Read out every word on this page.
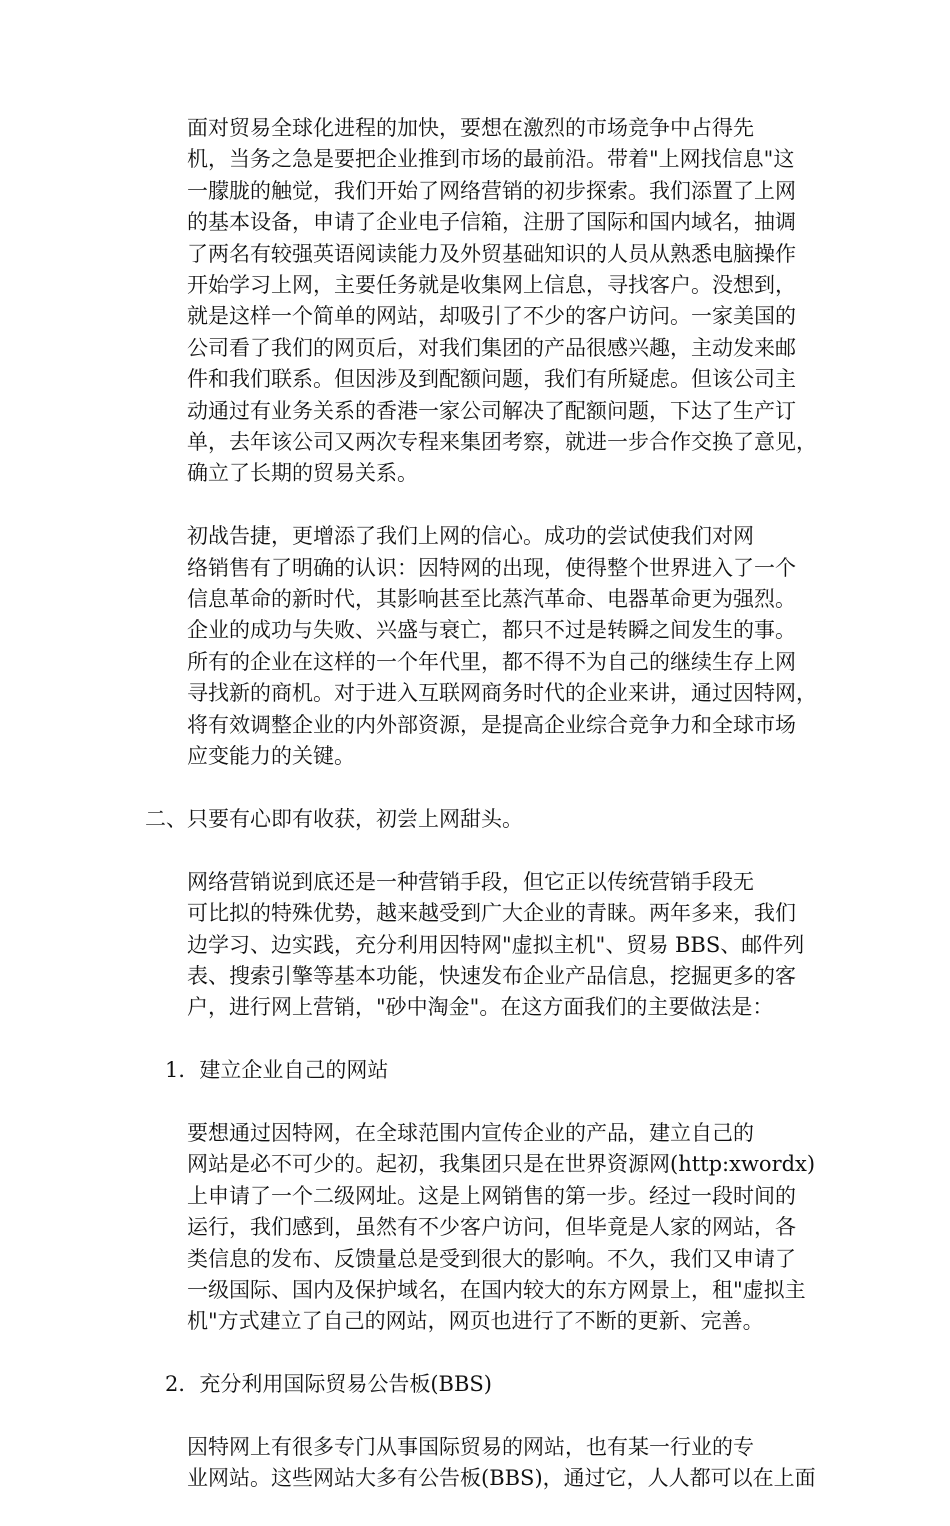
面对贸易全球化进程的加快，要想在激烈的市场竞争中占得先
机，当务之急是要把企业推到市场的最前沿。带着"上网找信息"这
一朦胧的触觉，我们开始了网络营销的初步探索。我们添置了上网
的基本设备，申请了企业电子信箱，注册了国际和国内域名，抽调
了两名有较强英语阅读能力及外贸基础知识的人员从熟悉电脑操作
开始学习上网，主要任务就是收集网上信息，寻找客户。没想到，
就是这样一个简单的网站，却吸引了不少的客户访问。一家美国的
公司看了我们的网页后，对我们集团的产品很感兴趣，主动发来邮
件和我们联系。但因涉及到配额问题，我们有所疑虑。但该公司主
动通过有业务关系的香港一家公司解决了配额问题，下达了生产订
单，去年该公司又两次专程来集团考察，就进一步合作交换了意见，
确立了长期的贸易关系。

初战告捷，更增添了我们上网的信心。成功的尝试使我们对网
络销售有了明确的认识：因特网的出现，使得整个世界进入了一个
信息革命的新时代，其影响甚至比蒸汽革命、电器革命更为强烈。
企业的成功与失败、兴盛与衰亡，都只不过是转瞬之间发生的事。
所有的企业在这样的一个年代里，都不得不为自己的继续生存上网
寻找新的商机。对于进入互联网商务时代的企业来讲，通过因特网，
将有效调整企业的内外部资源，是提高企业综合竞争力和全球市场
应变能力的关键。

二、只要有心即有收获，初尝上网甜头。

网络营销说到底还是一种营销手段，但它正以传统营销手段无
可比拟的特殊优势，越来越受到广大企业的青睐。两年多来，我们
边学习、边实践，充分利用因特网"虚拟主机"、贸易 BBS、邮件列
表、搜索引擎等基本功能，快速发布企业产品信息，挖掘更多的客
户，进行网上营销，"砂中淘金"。在这方面我们的主要做法是：

1．建立企业自己的网站

要想通过因特网，在全球范围内宣传企业的产品，建立自己的
网站是必不可少的。起初，我集团只是在世界资源网(http:xwordx)
上申请了一个二级网址。这是上网销售的第一步。经过一段时间的
运行，我们感到，虽然有不少客户访问，但毕竟是人家的网站，各
类信息的发布、反馈量总是受到很大的影响。不久，我们又申请了
一级国际、国内及保护域名，在国内较大的东方网景上，租"虚拟主
机"方式建立了自己的网站，网页也进行了不断的更新、完善。

2．充分利用国际贸易公告板(BBS)

因特网上有很多专门从事国际贸易的网站，也有某一行业的专
业网站。这些网站大多有公告板(BBS)，通过它，人人都可以在上面
